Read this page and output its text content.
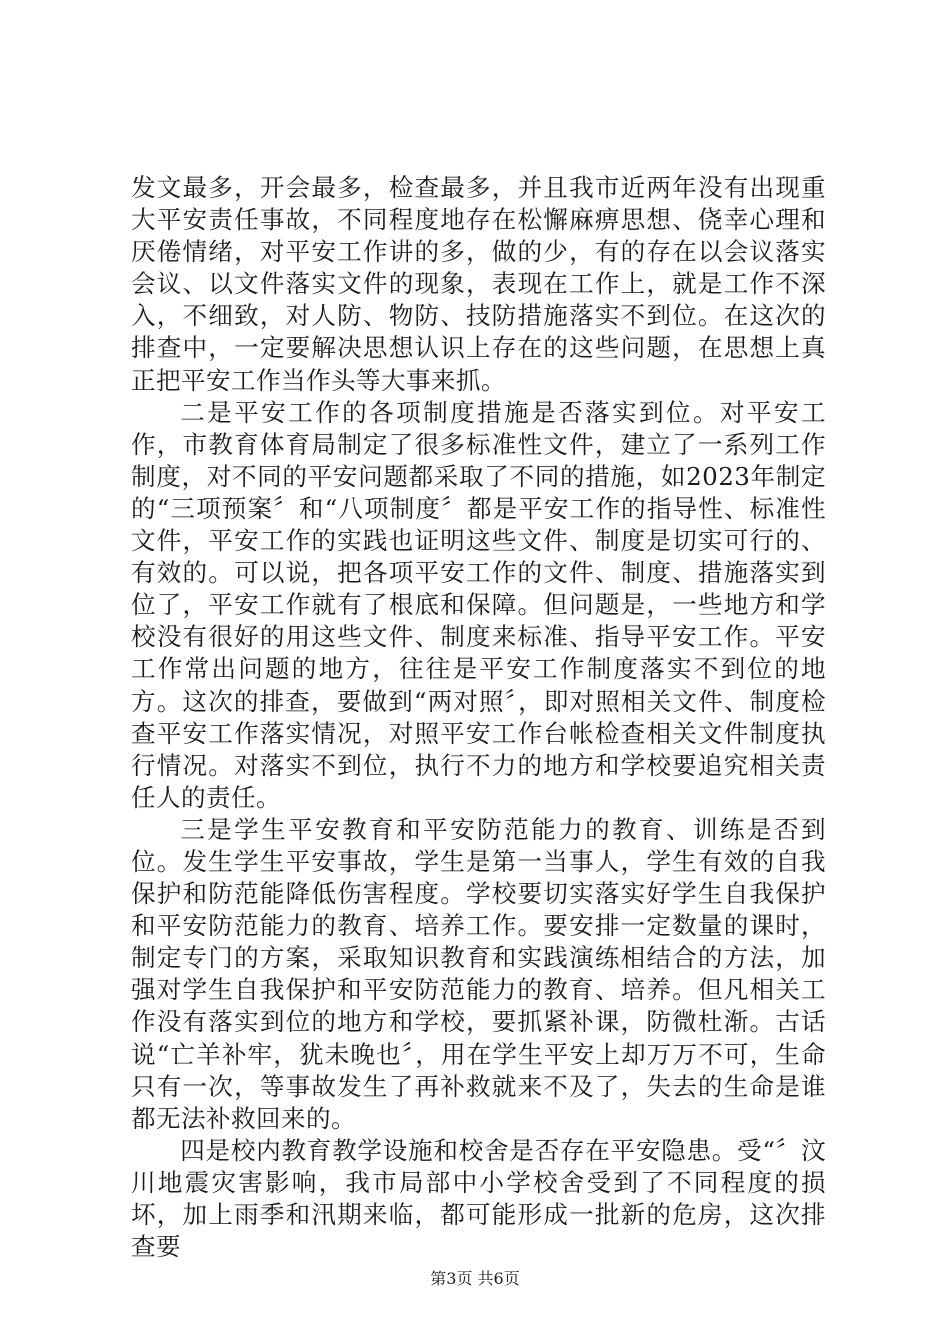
发文最多，开会最多，检查最多，并且我市近两年没有出现重大平安责任事故，不同程度地存在松懈麻痹思想、侥幸心理和厌倦情绪，对平安工作讲的多，做的少，有的存在以会议落实会议、以文件落实文件的现象，表现在工作上，就是工作不深入，不细致，对人防、物防、技防措施落实不到位。在这次的排查中，一定要解决思想认识上存在的这些问题，在思想上真正把平安工作当作头等大事来抓。

二是平安工作的各项制度措施是否落实到位。对平安工作，市教育体育局制定了很多标准性文件，建立了一系列工作制度，对不同的平安问题都采取了不同的措施，如2023年制定的“三项预案〞和“八项制度〞都是平安工作的指导性、标准性文件，平安工作的实践也证明这些文件、制度是切实可行的、有效的。可以说，把各项平安工作的文件、制度、措施落实到位了，平安工作就有了根底和保障。但问题是，一些地方和学校没有很好的用这些文件、制度来标准、指导平安工作。平安工作常出问题的地方，往往是平安工作制度落实不到位的地方。这次的排查，要做到“两对照〞，即对照相关文件、制度检查平安工作落实情况，对照平安工作台帐检查相关文件制度执行情况。对落实不到位，执行不力的地方和学校要追究相关责任人的责任。

三是学生平安教育和平安防范能力的教育、训练是否到位。发生学生平安事故，学生是第一当事人，学生有效的自我保护和防范能降低伤害程度。学校要切实落实好学生自我保护和平安防范能力的教育、培养工作。要安排一定数量的课时，制定专门的方案，采取知识教育和实践演练相结合的方法，加强对学生自我保护和平安防范能力的教育、培养。但凡相关工作没有落实到位的地方和学校，要抓紧补课，防微杜渐。古话说“亡羊补牢，犹未晚也〞，用在学生平安上却万万不可，生命只有一次，等事故发生了再补救就来不及了，失去的生命是谁都无法补救回来的。

四是校内教育教学设施和校舍是否存在平安隐患。受“〞汶川地震灾害影响，我市局部中小学校舍受到了不同程度的损坏，加上雨季和汛期来临，都可能形成一批新的危房，这次排查要

第3页 共6页
